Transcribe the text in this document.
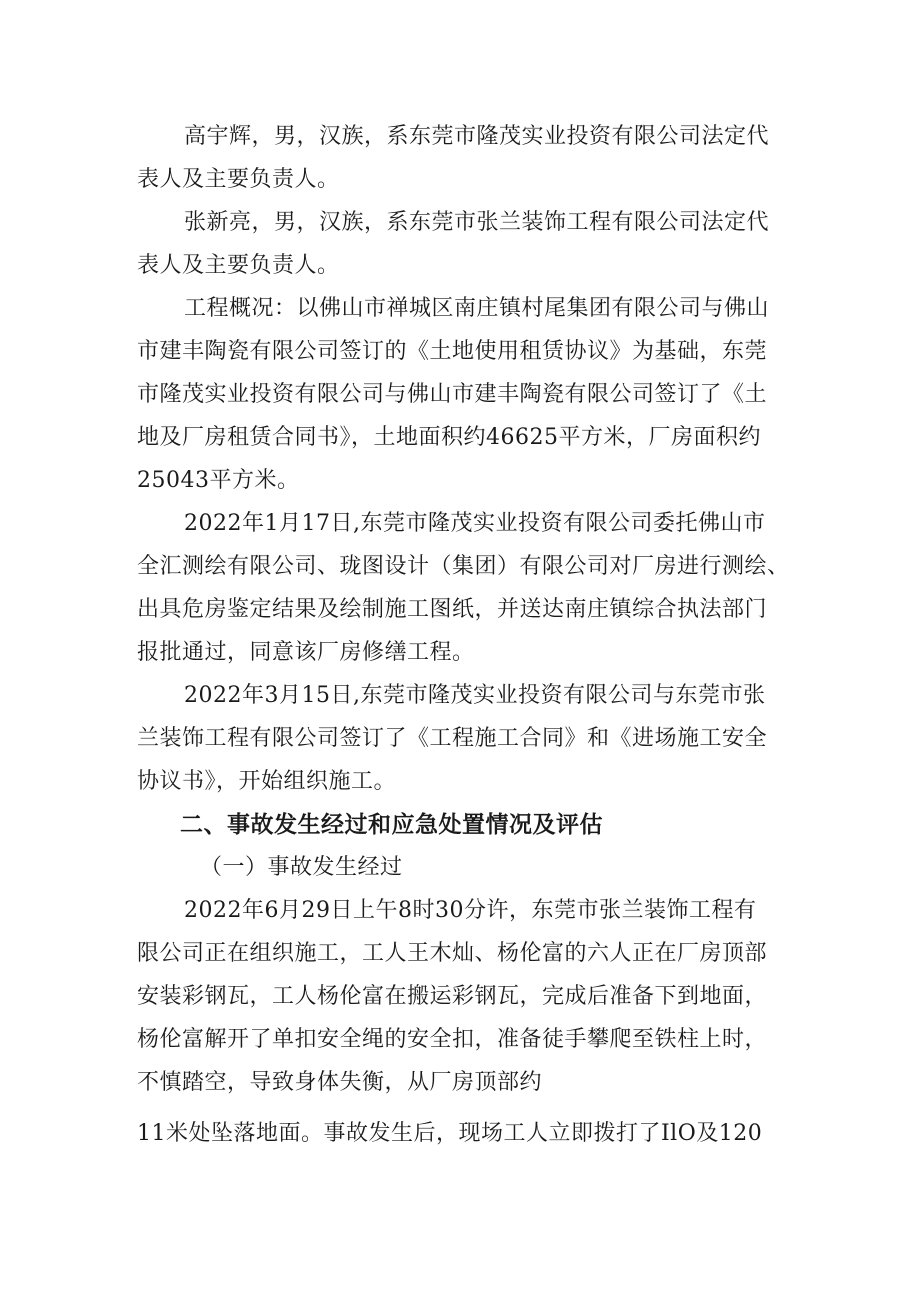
高宇辉，男，汉族，系东莞市隆茂实业投资有限公司法定代
表人及主要负责人。
张新亮，男，汉族，系东莞市张兰装饰工程有限公司法定代
表人及主要负责人。
工程概况：以佛山市禅城区南庄镇村尾集团有限公司与佛山
市建丰陶瓷有限公司签订的《土地使用租赁协议》为基础，东莞
市隆茂实业投资有限公司与佛山市建丰陶瓷有限公司签订了《土
地及厂房租赁合同书》，土地面积约46625平方米，厂房面积约
25043平方米。
2022年1月17日,东莞市隆茂实业投资有限公司委托佛山市
全汇测绘有限公司、珑图设计（集团）有限公司对厂房进行测绘、
出具危房鉴定结果及绘制施工图纸，并送达南庄镇综合执法部门
报批通过，同意该厂房修缮工程。
2022年3月15日,东莞市隆茂实业投资有限公司与东莞市张
兰装饰工程有限公司签订了《工程施工合同》和《进场施工安全
协议书》，开始组织施工。
二、事故发生经过和应急处置情况及评估
（一）事故发生经过
2022年6月29日上午8时30分许，东莞市张兰装饰工程有
限公司正在组织施工，工人王木灿、杨伦富的六人正在厂房顶部
安装彩钢瓦，工人杨伦富在搬运彩钢瓦，完成后准备下到地面，
杨伦富解开了单扣安全绳的安全扣，准备徒手攀爬至铁柱上时，
不慎踏空，导致身体失衡，从厂房顶部约
11米处坠落地面。事故发生后，现场工人立即拨打了IlO及120
